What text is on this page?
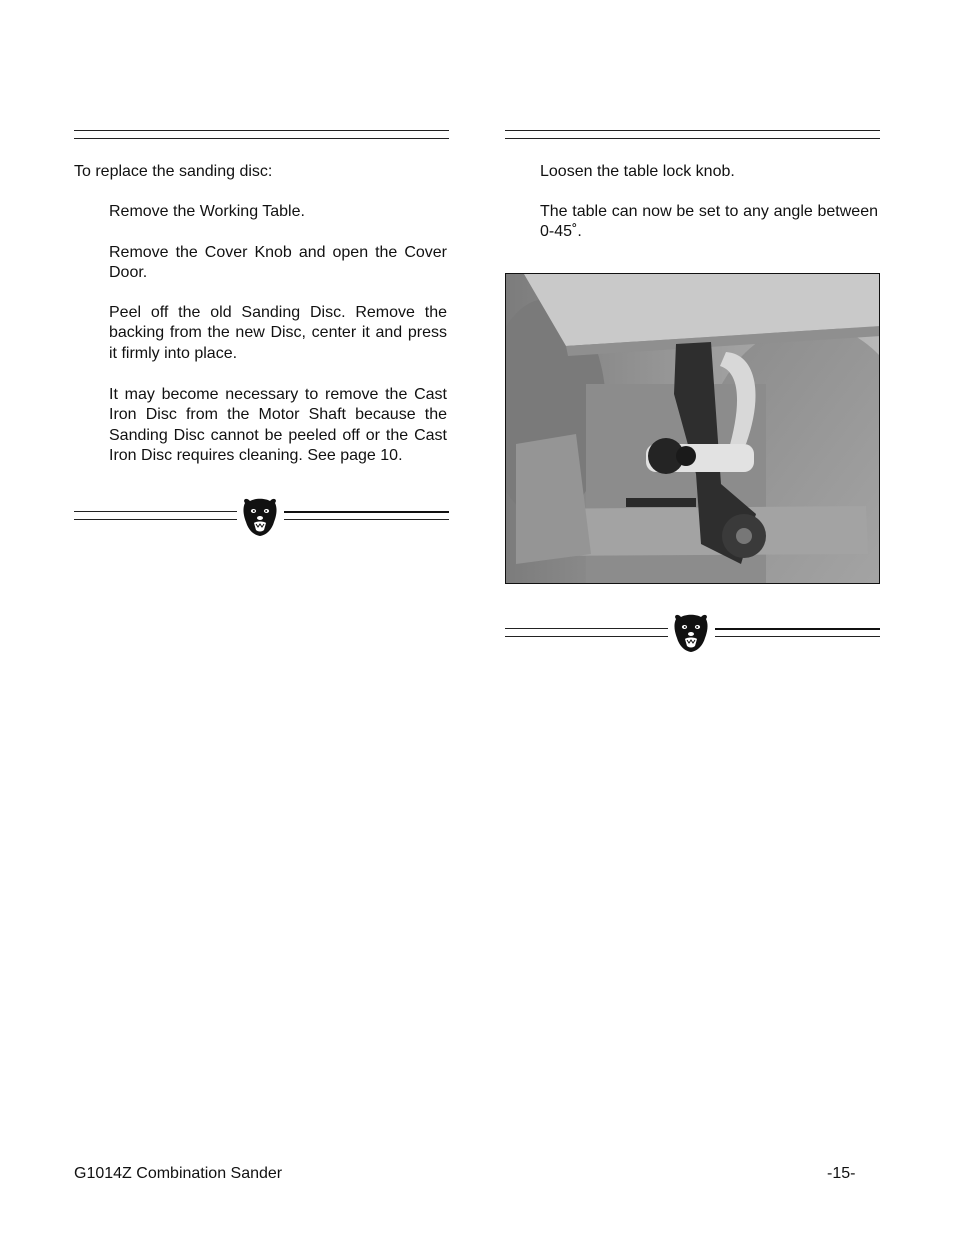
To replace the sanding disc:

Remove the Working Table.

Remove the Cover Knob and open the Cover Door.

Peel off the old Sanding Disc. Remove the backing from the new Disc, center it and press it firmly into place.

It may become necessary to remove the Cast Iron Disc from the Motor Shaft because the Sanding Disc cannot be peeled off or the Cast Iron Disc requires cleaning. See page 10.

Loosen the table lock knob.

The table can now be set to any angle between 0-45˚.

G1014Z Combination Sander	-15-
